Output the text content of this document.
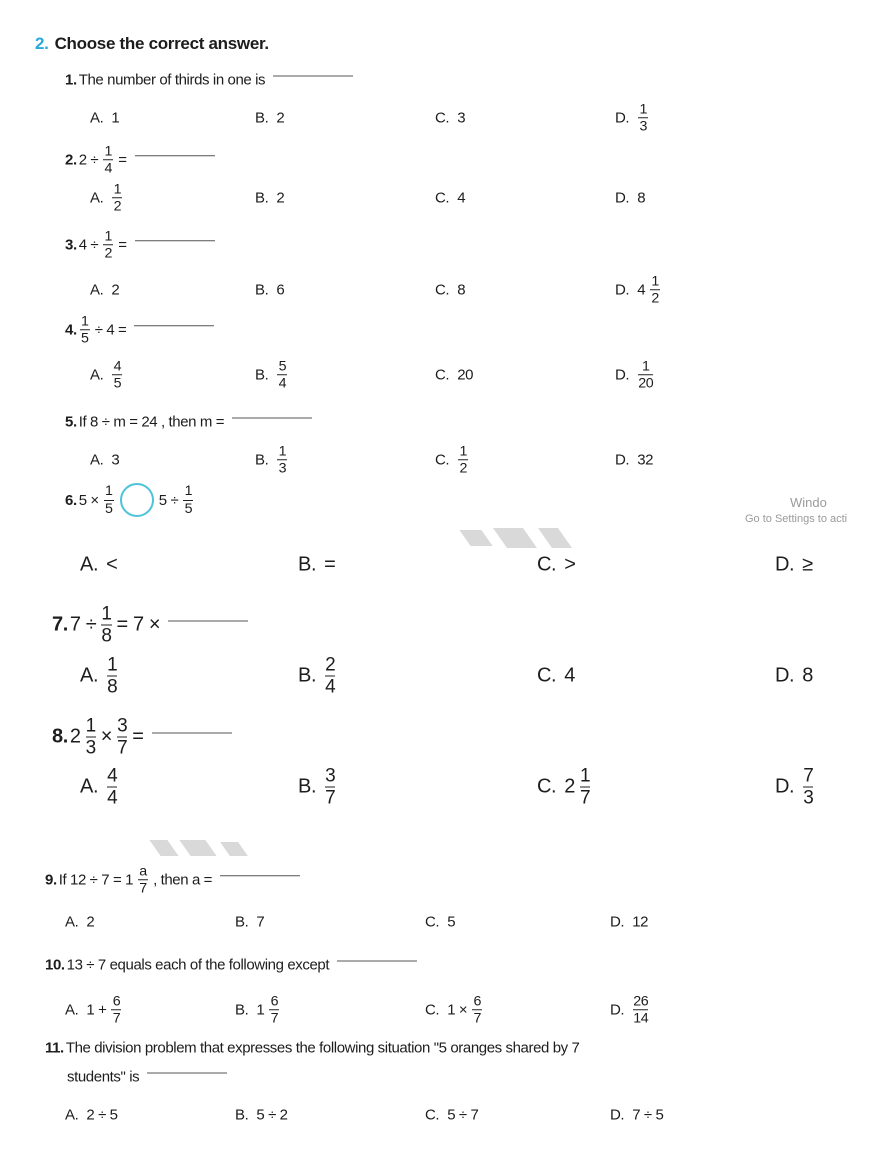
2. Choose the correct answer.
Windo
Go to Settings to acti
1. The number of thirds in one is
A. 1	B. 2	C. 3	D. $\frac{1}{3}$
2. $2 \div \frac{1}{4}$ =
A. $\frac{1}{2}$	B. 2	C. 4	D. 8
3. $4 \div \frac{1}{2}$ =
A. 2	B. 6	C. 8	D. $4 \frac{1}{2}$
4. $\frac{1}{5} \div 4$ =
A. $\frac{4}{5}$	B. $\frac{5}{4}$	C. 20	D. $\frac{1}{20}$
5. If 8 ÷ m = 24 , then m =
A. 3	B. $\frac{1}{3}$	C. $\frac{1}{2}$	D. 32
6. $5 \times \frac{1}{5}$	$5 \div \frac{1}{5}$
A. <	B. =	C. >	D. ≥
7. $7 \div \frac{1}{8} = 7$ ×
A. $\frac{1}{8}$	B. $\frac{2}{4}$	C. 4	D. 8
8. $2 \frac{1}{3} \times \frac{3}{7}$ =
A. $\frac{4}{4}$	B. $\frac{3}{7}$	C. $2 \frac{1}{7}$	D. $\frac{7}{3}$
9. If $12 \div 7 = 1 \frac{a}{7}$ , then a =
A. 2	B. 7	C. 5	D. 12
10. 13 ÷ 7 equals each of the following except
A. $1 + \frac{6}{7}$	B. $1 \frac{6}{7}$	C. $1 \times \frac{6}{7}$	D. $\frac{26}{14}$
11. The division problem that expresses the following situation "5 oranges shared by 7
students" is
A. 2 ÷ 5	B. 5 ÷ 2	C. 5 ÷ 7	D. 7 ÷ 5
